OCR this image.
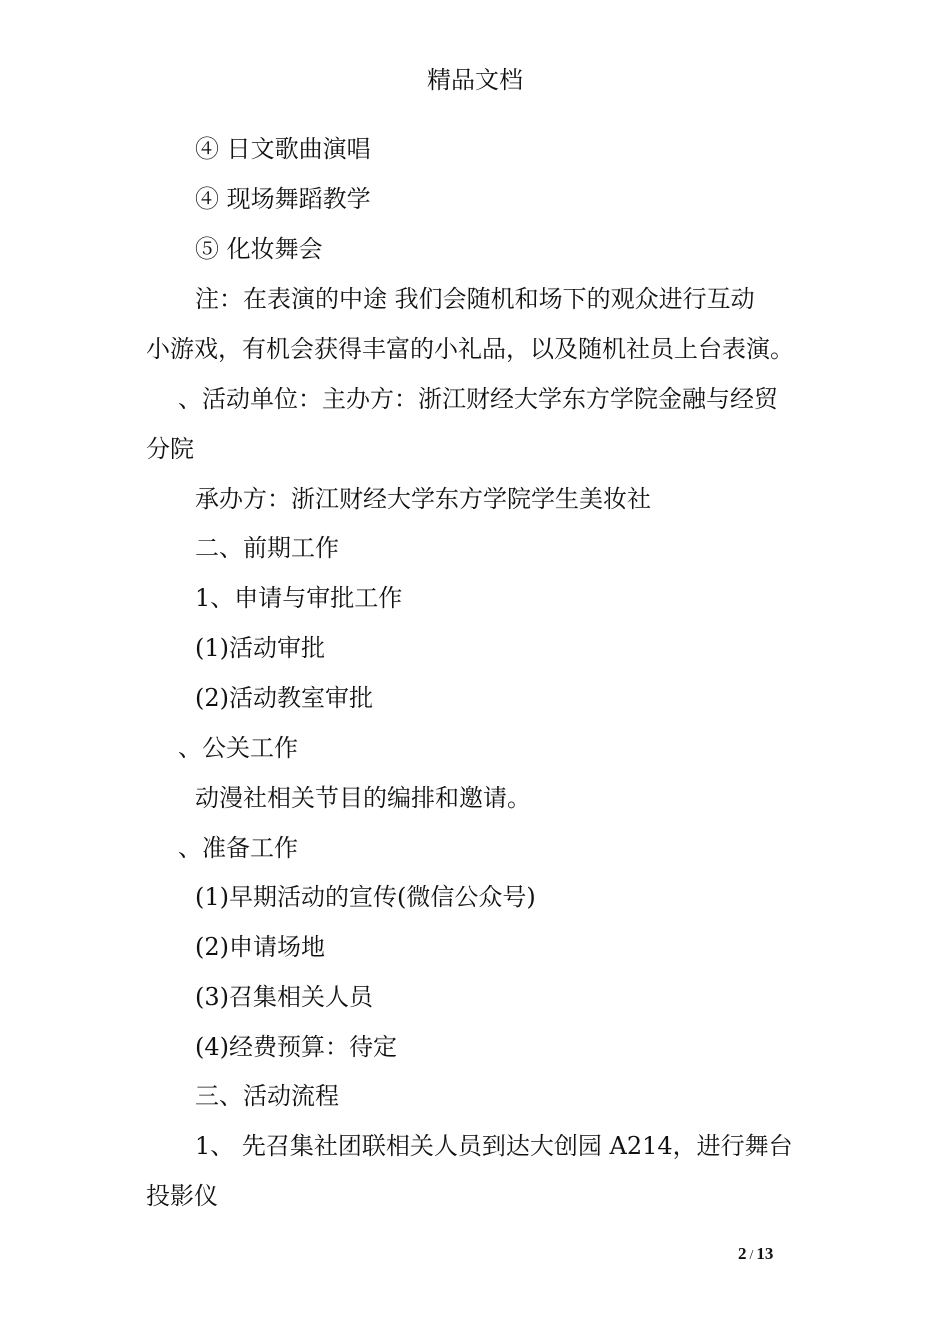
精品文档
④ 日文歌曲演唱
④ 现场舞蹈教学
⑤ 化妆舞会
注：在表演的中途 我们会随机和场下的观众进行互动
小游戏，有机会获得丰富的小礼品，以及随机社员上台表演。
、活动单位：主办方：浙江财经大学东方学院金融与经贸
分院
承办方：浙江财经大学东方学院学生美妆社
二、前期工作
1、申请与审批工作
(1)活动审批
(2)活动教室审批
、公关工作
动漫社相关节目的编排和邀请。
、准备工作
(1)早期活动的宣传(微信公众号)
(2)申请场地
(3)召集相关人员
(4)经费预算：待定
三、活动流程
1、 先召集社团联相关人员到达大创园 A214，进行舞台
投影仪
2 / 13
